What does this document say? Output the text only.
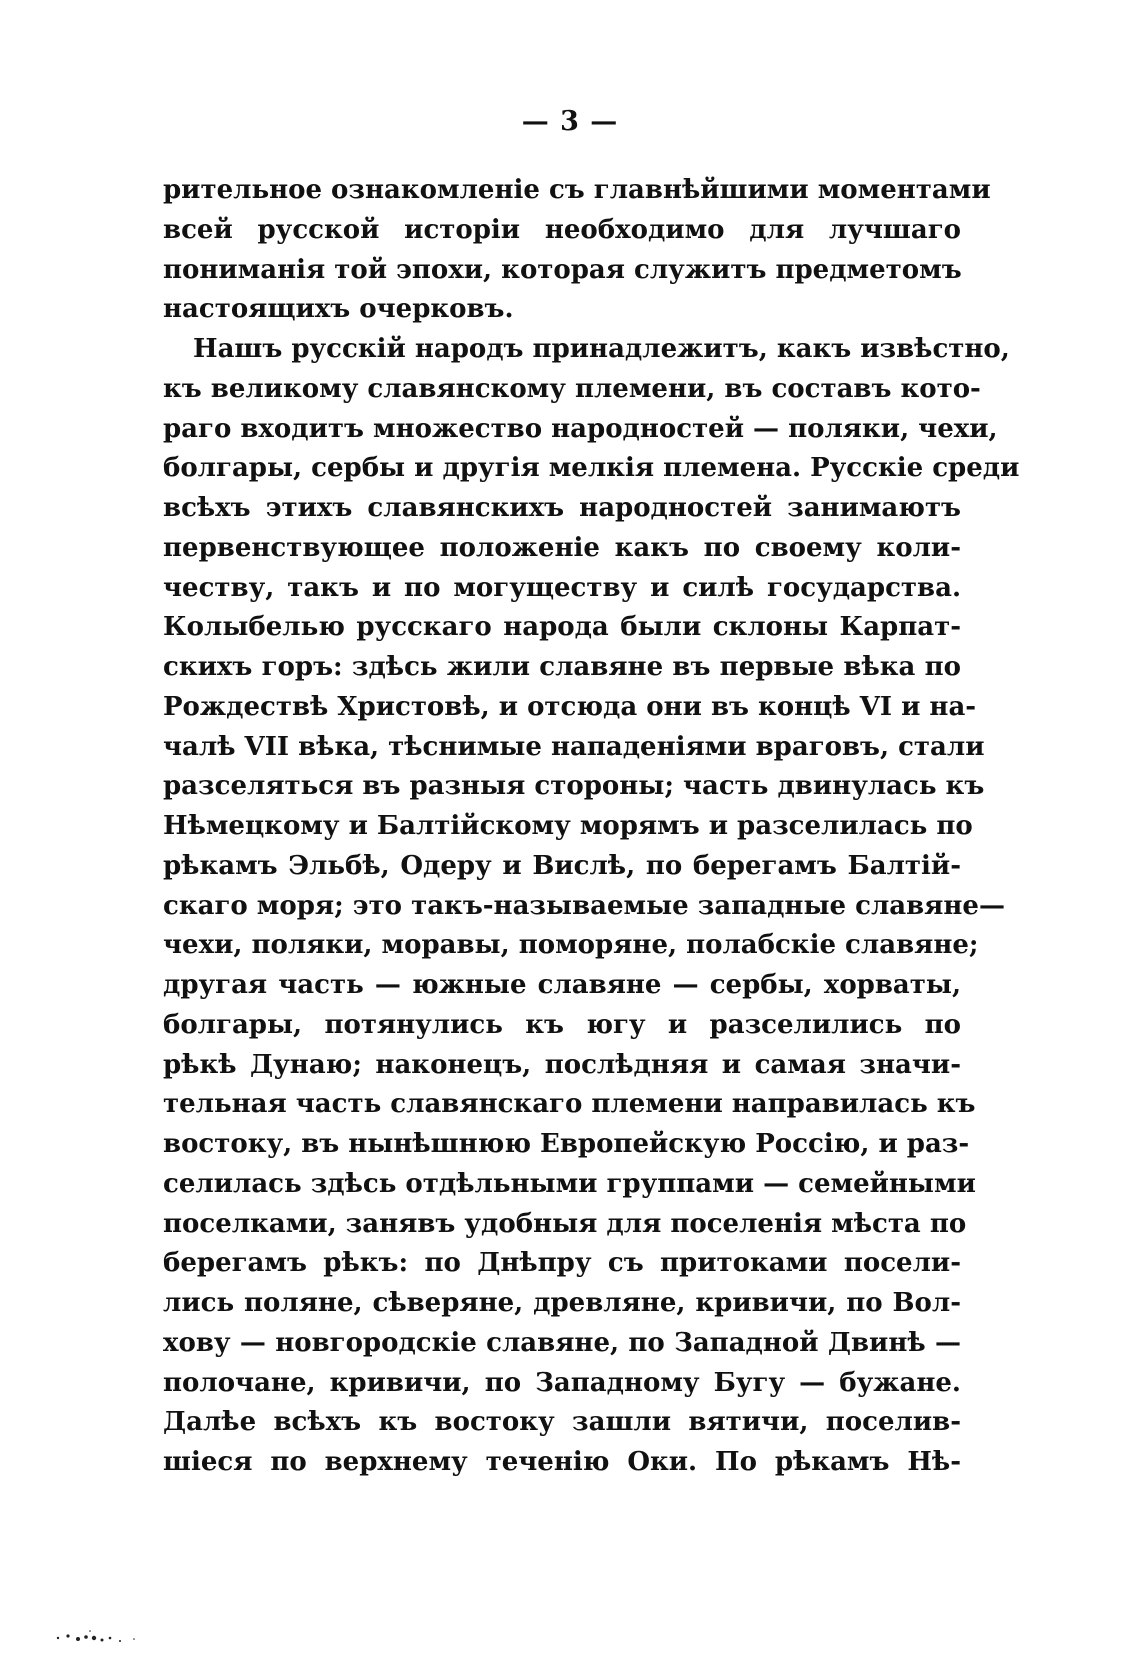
— 3 —
рительное ознакомленіе съ главнѣйшими моментами
всей русской исторіи необходимо для лучшаго
пониманія той эпохи, которая служитъ предметомъ
настоящихъ очерковъ.
Нашъ русскій народъ принадлежитъ, какъ извѣстно,
къ великому славянскому племени, въ составъ кото-
раго входитъ множество народностей — поляки, чехи,
болгары, сербы и другія мелкія племена. Русскіе среди
всѣхъ этихъ славянскихъ народностей занимаютъ
первенствующее положеніе какъ по своему коли-
честву, такъ и по могуществу и силѣ государства.
Колыбелью русскаго народа были склоны Карпат-
скихъ горъ: здѣсь жили славяне въ первые вѣка по
Рождествѣ Христовѣ, и отсюда они въ концѣ VI и на-
чалѣ VII вѣка, тѣснимые нападеніями враговъ, стали
разселяться въ разныя стороны; часть двинулась къ
Нѣмецкому и Балтійскому морямъ и разселилась по
рѣкамъ Эльбѣ, Одеру и Вислѣ, по берегамъ Балтій-
скаго моря; это такъ-называемые западные славяне—
чехи, поляки, моравы, поморяне, полабскіе славяне;
другая часть — южные славяне — сербы, хорваты,
болгары, потянулись къ югу и разселились по
рѣкѣ Дунаю; наконецъ, послѣдняя и самая значи-
тельная часть славянскаго племени направилась къ
востоку, въ нынѣшнюю Европейскую Россію, и раз-
селилась здѣсь отдѣльными группами — семейными
поселками, занявъ удобныя для поселенія мѣста по
берегамъ рѣкъ: по Днѣпру съ притоками посели-
лись поляне, сѣверяне, древляне, кривичи, по Вол-
хову — новгородскіе славяне, по Западной Двинѣ —
полочане, кривичи, по Западному Бугу — бужане.
Далѣе всѣхъ къ востоку зашли вятичи, поселив-
шіеся по верхнему теченію Оки. По рѣкамъ Нѣ-
